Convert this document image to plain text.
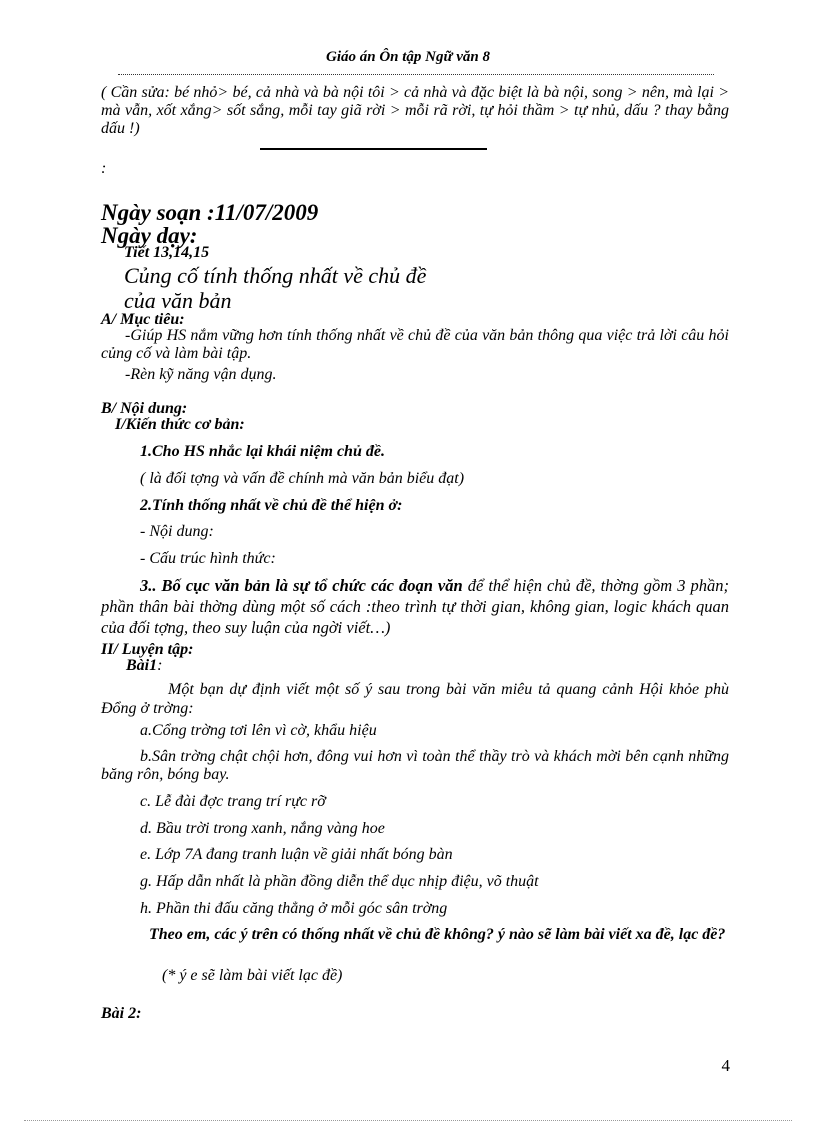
Giáo án Ôn tập Ngữ văn 8
( Cần sửa: bé nhỏ> bé, cả nhà và bà nội tôi > cả nhà và đặc biệt là bà nội, song > nên, mà lại > mà vẫn, xốt xắng> sốt sắng, mỗi tay giã rời > mỗi rã rời, tự hỏi thầm > tự nhủ, dấu ? thay bằng dấu !)
:
Ngày soạn :11/07/2009
Ngày dạy:
Tiết 13,14,15
Củng cố tính thống nhất về chủ đề
của văn bản
A/ Mục tiêu:
-Giúp HS nắm vững hơn tính thống nhất về chủ đề của văn bản thông qua việc trả lời câu hỏi củng cố và làm bài tập.
-Rèn kỹ năng vận dụng.
B/ Nội dung:
I/Kiến thức cơ bản:
1.Cho HS nhắc lại khái niệm chủ đề.
( là đối tợng và vấn đề chính mà văn bản biểu đạt)
2.Tính thống nhất về chủ đề thể hiện ở:
- Nội dung:
- Cấu trúc hình thức:
3.. Bố cục văn bản là sự tổ chức các đoạn văn để thể hiện chủ đề, thờng gồm 3 phần; phần thân bài thờng dùng một số cách :theo trình tự thời gian, không gian, logic khách quan của đối tợng, theo suy luận của ngời viết…)
II/ Luyện tập:
Bài1:
Một bạn dự định viết một số ý sau trong bài văn miêu tả quang cảnh Hội khỏe phù Đổng ở trờng:
a.Cổng trờng tơi lên vì cờ, khẩu hiệu
b.Sân trờng chật chội hơn, đông vui hơn vì toàn thể thầy trò và khách mời bên cạnh những băng rôn, bóng bay.
c. Lễ đài đợc trang trí rực rỡ
d. Bầu trời trong xanh, nắng vàng hoe
e. Lớp 7A đang tranh luận về giải nhất bóng bàn
g. Hấp dẫn nhất là phần đồng diễn thể dục nhịp điệu, võ thuật
h. Phần thi đấu căng thẳng ở mỗi góc sân trờng
Theo em, các ý trên có thống nhất về chủ đề không? ý nào sẽ làm bài viết xa đề, lạc đề?
(* ý e sẽ làm bài viết lạc đề)
Bài 2:
4
